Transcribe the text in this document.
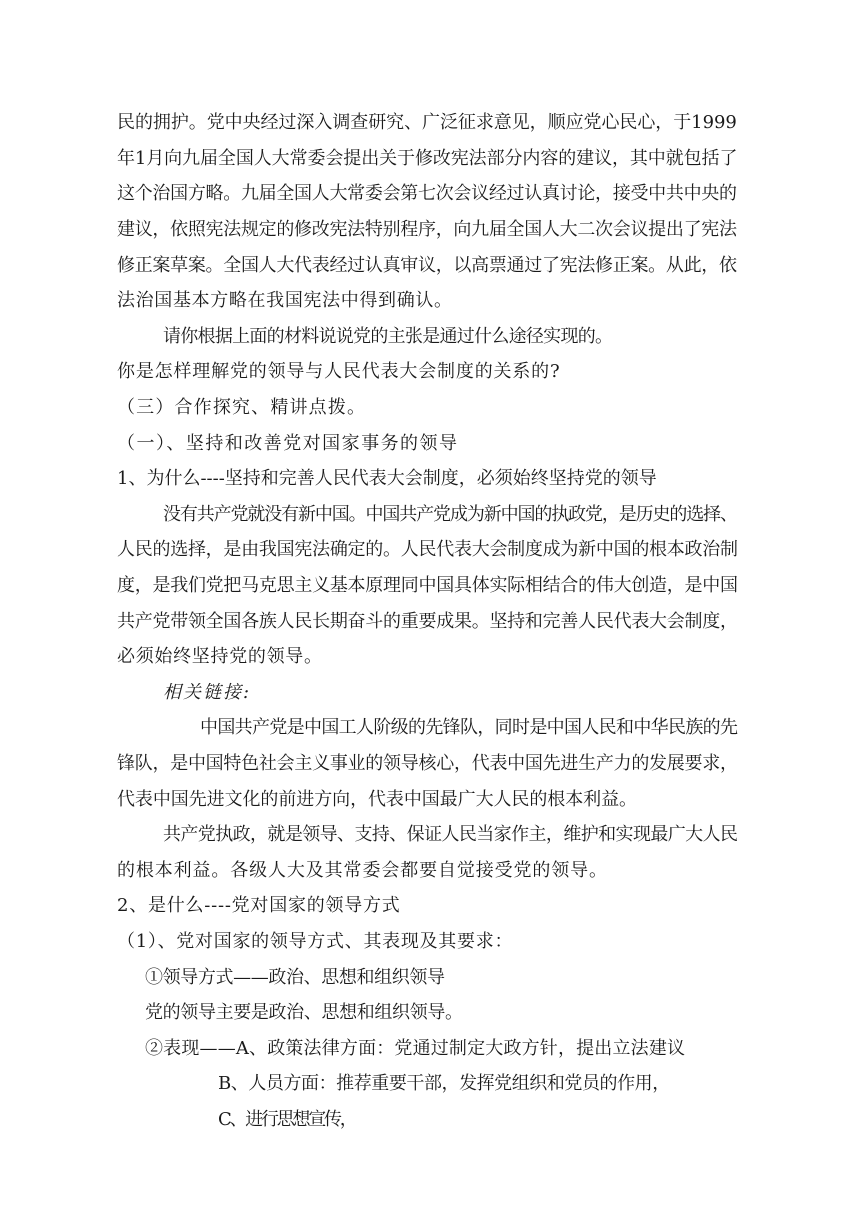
民的拥护。党中央经过深入调查研究、广泛征求意见，顺应党心民心，于1999
年1月向九届全国人大常委会提出关于修改宪法部分内容的建议，其中就包括了
这个治国方略。九届全国人大常委会第七次会议经过认真讨论，接受中共中央的
建议，依照宪法规定的修改宪法特别程序，向九届全国人大二次会议提出了宪法
修正案草案。全国人大代表经过认真审议，以高票通过了宪法修正案。从此，依
法治国基本方略在我国宪法中得到确认。
请你根据上面的材料说说党的主张是通过什么途径实现的。
你是怎样理解党的领导与人民代表大会制度的关系的?
（三）合作探究、精讲点拨。
（一）、坚持和改善党对国家事务的领导
1、为什么----坚持和完善人民代表大会制度，必须始终坚持党的领导
没有共产党就没有新中国。中国共产党成为新中国的执政党，是历史的选择、
人民的选择，是由我国宪法确定的。人民代表大会制度成为新中国的根本政治制
度，是我们党把马克思主义基本原理同中国具体实际相结合的伟大创造，是中国
共产党带领全国各族人民长期奋斗的重要成果。坚持和完善人民代表大会制度，
必须始终坚持党的领导。
相关链接:
中国共产党是中国工人阶级的先锋队，同时是中国人民和中华民族的先
锋队，是中国特色社会主义事业的领导核心，代表中国先进生产力的发展要求，
代表中国先进文化的前进方向，代表中国最广大人民的根本利益。
共产党执政，就是领导、支持、保证人民当家作主，维护和实现最广大人民
的根本利益。各级人大及其常委会都要自觉接受党的领导。
2、是什么----党对国家的领导方式
（1）、党对国家的领导方式、其表现及其要求：
①领导方式——政治、思想和组织领导
党的领导主要是政治、思想和组织领导。
②表现——A、政策法律方面：党通过制定大政方针，提出立法建议
B、人员方面：推荐重要干部，发挥党组织和党员的作用，
C、进行思想宣传，
